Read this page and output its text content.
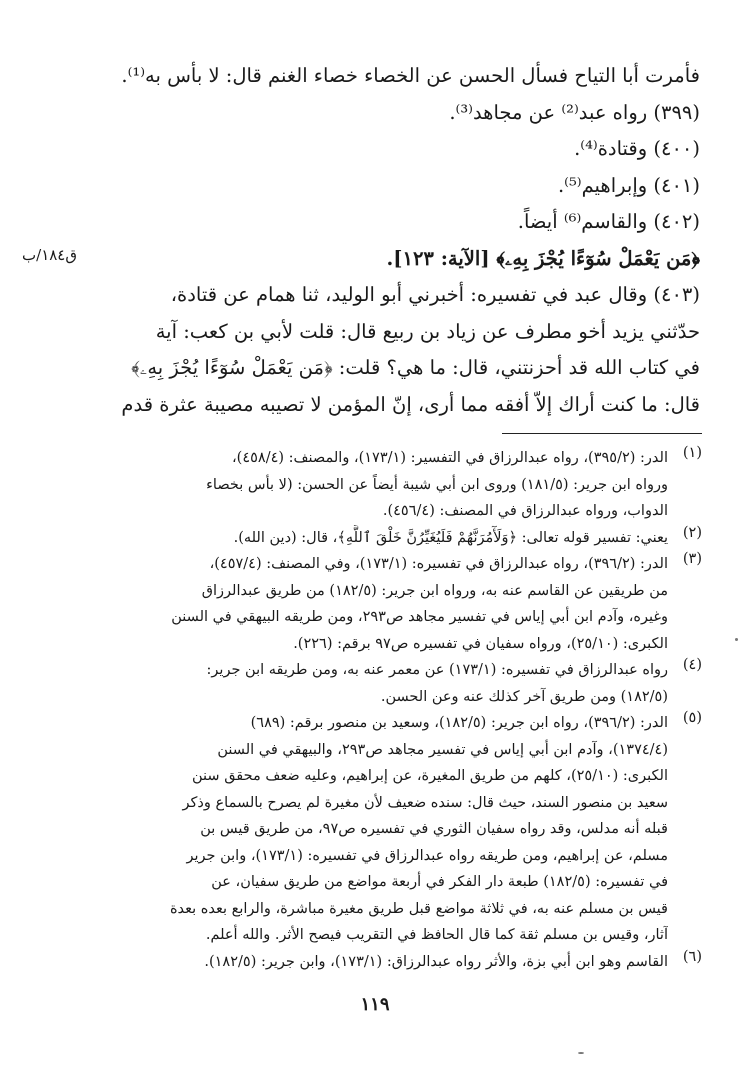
فأمرت أبا التياح فسأل الحسن عن الخصاء خصاء الغنم قال: لا بأس به⁽¹⁾.
(٣٩٩) رواه عبد⁽²⁾ عن مجاهد⁽³⁾.
(٤٠٠) وقتادة⁽⁴⁾.
(٤٠١) وإبراهيم⁽⁵⁾.
(٤٠٢) والقاسم⁽⁶⁾ أيضاً.
﴿مَن يَعْمَلْ سُوٓءًا يُجْزَ بِهِۦ﴾ [الآية: ١٢٣].
(٤٠٣) وقال عبد في تفسيره: أخبرني أبو الوليد، ثنا همام عن قتادة،
حدّثني يزيد أخو مطرف عن زياد بن ربيع قال: قلت لأبي بن كعب: آية
في كتاب الله قد أحزنتني، قال: ما هي؟ قلت: ﴿مَن يَعْمَلْ سُوٓءًا يُجْزَ بِهِۦ﴾
قال: ما كنت أراك إلاّ أفقه مما أرى، إنّ المؤمن لا تصيبه مصيبة عثرة قدم
ق١٨٤/ب
(١)
الدر: (٣٩٥/٢)، رواه عبدالرزاق في التفسير: (١٧٣/١)، والمصنف: (٤٥٨/٤)،
ورواه ابن جرير: (١٨١/٥) وروى ابن أبي شيبة أيضاً عن الحسن: (لا بأس بخصاء
الدواب، ورواه عبدالرزاق في المصنف: (٤٥٦/٤).
(٢)
يعني: تفسير قوله تعالى: ﴿وَلَأٓمُرَنَّهُمْ فَلَيُغَيِّرُنَّ خَلْقَ ٱللَّهِ﴾، قال: (دين الله).
(٣)
الدر: (٣٩٦/٢)، رواه عبدالرزاق في تفسيره: (١٧٣/١)، وفي المصنف: (٤٥٧/٤)،
من طريقين عن القاسم عنه به، ورواه ابن جرير: (١٨٢/٥) من طريق عبدالرزاق
وغيره، وآدم ابن أبي إياس في تفسير مجاهد ص٢٩٣، ومن طريقه البيهقي في السنن
الكبرى: (٢٥/١٠)، ورواه سفيان في تفسيره ص٩٧ برقم: (٢٢٦).
(٤)
رواه عبدالرزاق في تفسيره: (١٧٣/١) عن معمر عنه به، ومن طريقه ابن جرير:
(١٨٢/٥) ومن طريق آخر كذلك عنه وعن الحسن.
(٥)
الدر: (٣٩٦/٢)، رواه ابن جرير: (١٨٢/٥)، وسعيد بن منصور برقم: (٦٨٩)
(١٣٧٤/٤)، وآدم ابن أبي إياس في تفسير مجاهد ص٢٩٣، والبيهقي في السنن
الكبرى: (٢٥/١٠)، كلهم من طريق المغيرة، عن إبراهيم، وعليه ضعف محقق سنن
سعيد بن منصور السند، حيث قال: سنده ضعيف لأن مغيرة لم يصرح بالسماع وذكر
قبله أنه مدلس، وقد رواه سفيان الثوري في تفسيره ص٩٧، من طريق قيس بن
مسلم، عن إبراهيم، ومن طريقه رواه عبدالرزاق في تفسيره: (١٧٣/١)، وابن جرير
في تفسيره: (١٨٢/٥) طبعة دار الفكر في أربعة مواضع من طريق سفيان، عن
قيس بن مسلم عنه به، في ثلاثة مواضع قبل طريق مغيرة مباشرة، والرابع بعده بعدة
آثار، وقيس بن مسلم ثقة كما قال الحافظ في التقريب فيصح الأثر. والله أعلم.
(٦)
القاسم وهو ابن أبي بزة، والأثر رواه عبدالرزاق: (١٧٣/١)، وابن جرير: (١٨٢/٥).
١١٩
